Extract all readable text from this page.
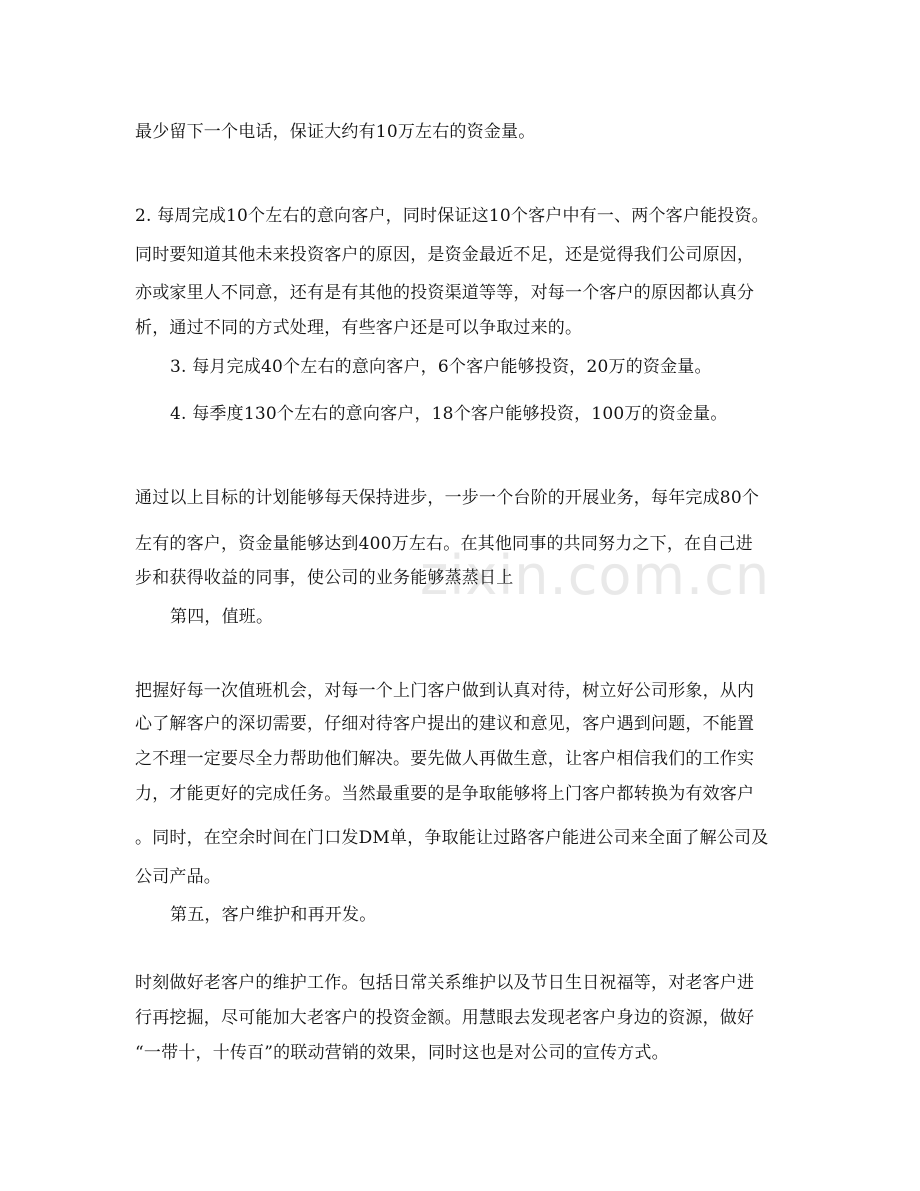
zixin.com.cn
最少留下一个电话，保证大约有10万左右的资金量。
2. 每周完成10个左右的意向客户，同时保证这10个客户中有一、两个客户能投资。
同时要知道其他未来投资客户的原因，是资金最近不足，还是觉得我们公司原因，
亦或家里人不同意，还有是有其他的投资渠道等等，对每一个客户的原因都认真分
析，通过不同的方式处理，有些客户还是可以争取过来的。
3. 每月完成40个左右的意向客户，6个客户能够投资，20万的资金量。
4. 每季度130个左右的意向客户，18个客户能够投资，100万的资金量。
通过以上目标的计划能够每天保持进步，一步一个台阶的开展业务，每年完成80个
左有的客户，资金量能够达到400万左右。在其他同事的共同努力之下，在自己进
步和获得收益的同事，使公司的业务能够蒸蒸日上
第四，值班。
把握好每一次值班机会，对每一个上门客户做到认真对待，树立好公司形象，从内
心了解客户的深切需要，仔细对待客户提出的建议和意见，客户遇到问题，不能置
之不理一定要尽全力帮助他们解决。要先做人再做生意，让客户相信我们的工作实
力，才能更好的完成任务。当然最重要的是争取能够将上门客户都转换为有效客户
。同时，在空余时间在门口发DM单，争取能让过路客户能进公司来全面了解公司及
公司产品。
第五，客户维护和再开发。
时刻做好老客户的维护工作。包括日常关系维护以及节日生日祝福等，对老客户进
行再挖掘，尽可能加大老客户的投资金额。用慧眼去发现老客户身边的资源，做好
“一带十，十传百”的联动营销的效果，同时这也是对公司的宣传方式。
